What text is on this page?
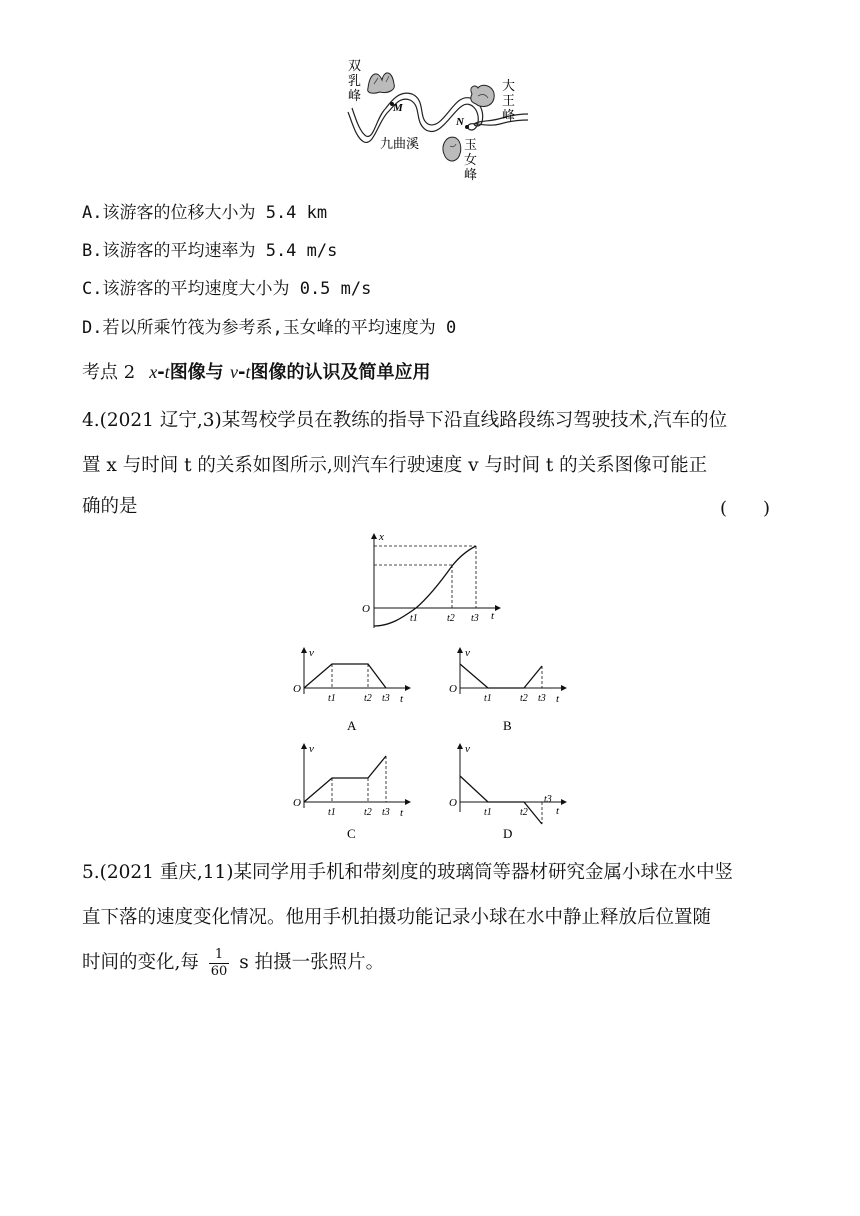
M
N
双
乳
峰
大
王
峰
玉
女
峰
九曲溪
A.该游客的位移大小为 5.4 km
B.该游客的平均速率为 5.4 m/s
C.该游客的平均速度大小为 0.5 m/s
D.若以所乘竹筏为参考系,玉女峰的平均速度为 0
考点 2 x-t图像与 v-t图像的认识及简单应用
4.(2021 辽宁,3)某驾校学员在教练的指导下沿直线路段练习驾驶技术,汽车的位
置 x 与时间 t 的关系如图所示,则汽车行驶速度 v 与时间 t 的关系图像可能正
确的是	(　　)
x
t
O
t1	t2 t3
v
t
O
t1	t2 t3
A
v
t
O
t1	t2 t3
B
v
t
O
t1	t2 t3
C
v
t
O
t1	t2
t3
D
5.(2021 重庆,11)某同学用手机和带刻度的玻璃筒等器材研究金属小球在水中竖
直下落的速度变化情况。他用手机拍摄功能记录小球在水中静止释放后位置随
时间的变化,每 $\frac{1}{60}$ s 拍摄一张照片。
